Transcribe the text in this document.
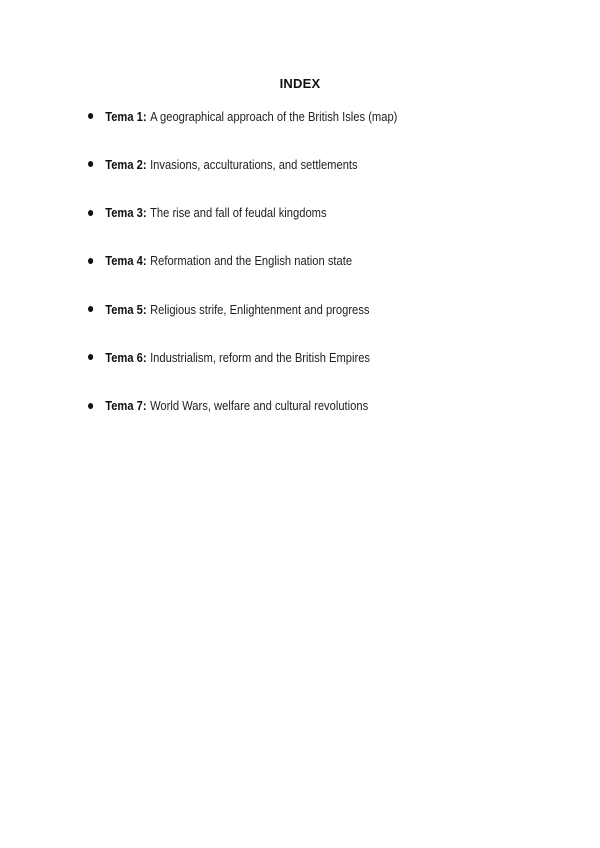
INDEX
Tema 1: A geographical approach of the British Isles (map)
Tema 2: Invasions, acculturations, and settlements
Tema 3: The rise and fall of feudal kingdoms
Tema 4: Reformation and the English nation state
Tema 5: Religious strife, Enlightenment and progress
Tema 6: Industrialism, reform and the British Empires
Tema 7: World Wars, welfare and cultural revolutions
